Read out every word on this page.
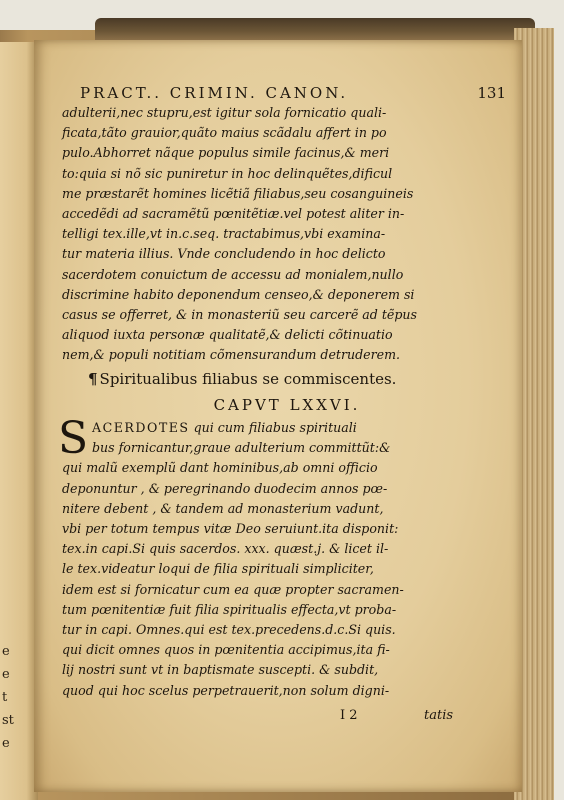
e
e
t
st
e
PRACT.. CRIMIN. CANON.	131
adulterii,nec stupru,est igitur sola fornicatio quali-
ficata,tãto grauior,quãto maius scãdalu affert in po
pulo.Abhorret nãque populus simile facinus,& meri
to:quia si nõ sic puniretur in hoc delinquẽtes,dificul
me præstarẽt homines licẽtiã filiabus,seu cosanguineis
accedẽdi ad sacramẽtũ pœnitẽtiæ.vel potest aliter in-
telligi tex.ille,vt in.c.seq. tractabimus,vbi examina-
tur materia illius. Vnde concludendo in hoc delicto
sacerdotem conuictum de accessu ad monialem,nullo
discrimine habito deponendum censeo,& deponerem si
casus se offerret, & in monasteriũ seu carcerẽ ad tẽpus
aliquod iuxta personæ qualitatẽ,& delicti cõtinuatio
nem,& populi notitiam cõmensurandum detruderem.
¶ Spiritualibus filiabus se commiscentes.
CAPVT LXXVI.
S ACERDOTES qui cum filiabus spirituali
bus fornicantur,graue adulterium committũt:&
qui malũ exemplũ dant hominibus,ab omni officio
deponuntur , & peregrinando duodecim annos pœ-
nitere debent , & tandem ad monasterium vadunt,
vbi per totum tempus vitæ Deo seruiunt.ita disponit:
tex.in capi.Si quis sacerdos. xxx. quæst.j. & licet il-
le tex.videatur loqui de filia spirituali simpliciter,
idem est si fornicatur cum ea quæ propter sacramen-
tum pœnitentiæ fuit filia spiritualis effecta,vt proba-
tur in capi. Omnes.qui est tex.precedens.d.c.Si quis.
qui dicit omnes quos in pœnitentia accipimus,ita fi-
lij nostri sunt vt in baptismate suscepti. & subdit,
quod qui hoc scelus perpetrauerit,non solum digni-
I 2	tatis
